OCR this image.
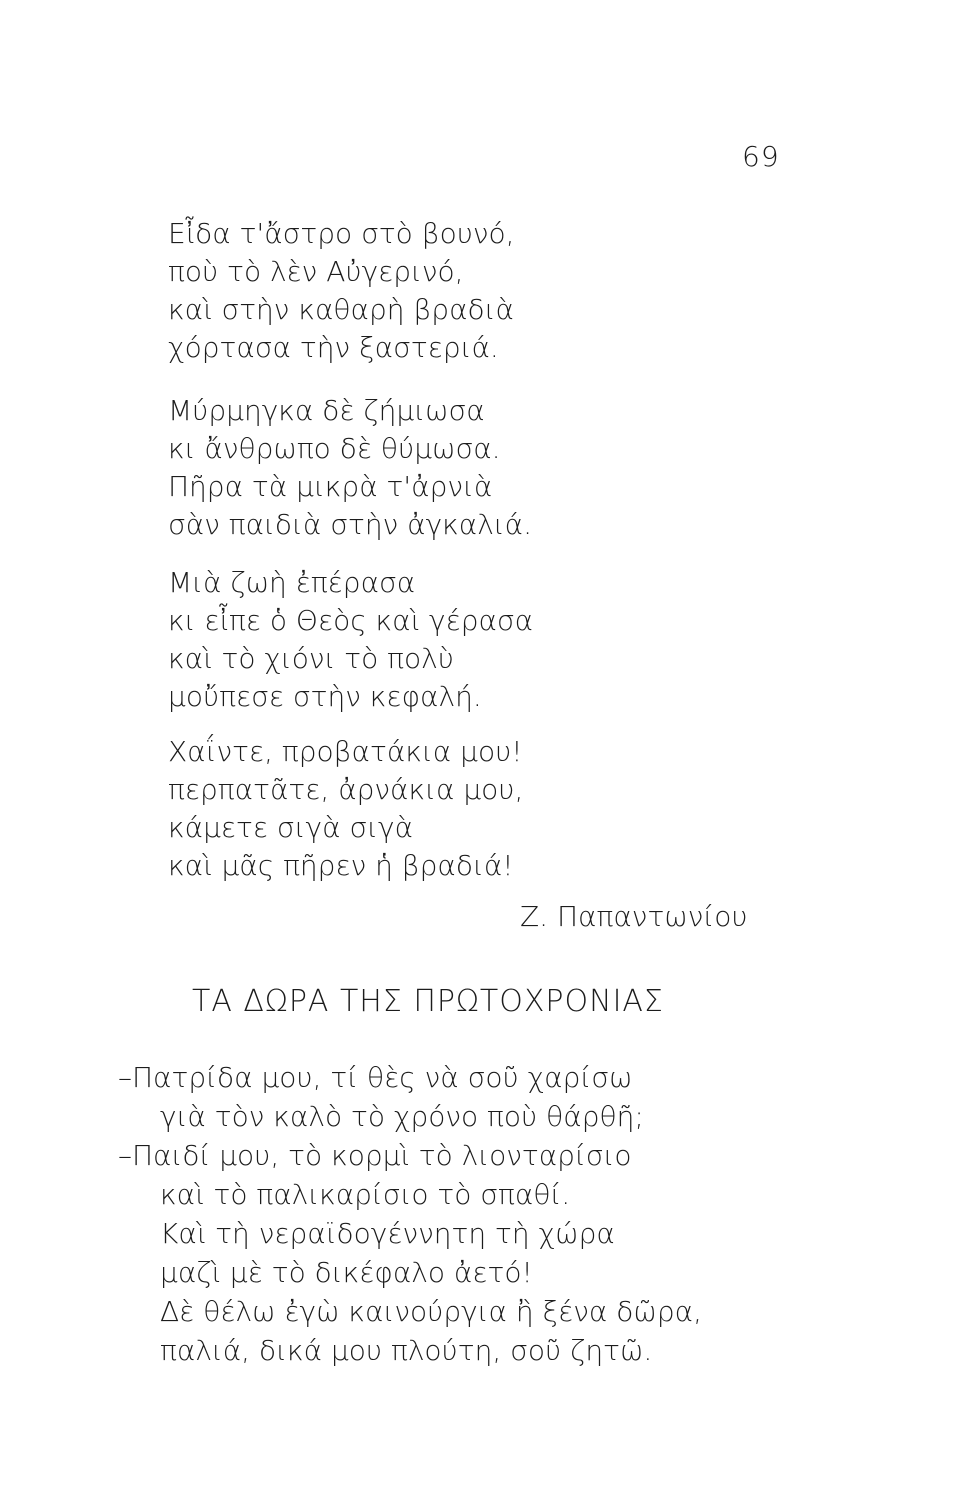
69
Εἶδα τ'ἄστρο στὸ βουνό,
ποὺ τὸ λὲν Αὐγερινό,
καὶ στὴν καθαρὴ βραδιὰ
χόρτασα τὴν ξαστεριά.
Μύρμηγκα δὲ ζήμιωσα
κι ἄνθρωπο δὲ θύμωσα.
Πῆρα τὰ μικρὰ τ'ἀρνιὰ
σὰν παιδιὰ στὴν ἀγκαλιά.
Μιὰ ζωὴ ἐπέρασα
κι εἶπε ὁ Θεὸς καὶ γέρασα
καὶ τὸ χιόνι τὸ πολὺ
μοὔπεσε στὴν κεφαλή.
Χαΐντε, προβατάκια μου!
περπατᾶτε, ἀρνάκια μου,
κάμετε σιγὰ σιγὰ
καὶ μᾶς πῆρεν ἡ βραδιά!
Ζ. Παπαντωνίου
ΤΑ ΔΩΡΑ ΤΗΣ ΠΡΩΤΟΧΡΟΝΙΑΣ
–Πατρίδα μου, τί θὲς νὰ σοῦ χαρίσω
γιὰ τὸν καλὸ τὸ χρόνο ποὺ θάρθῆ;
–Παιδί μου, τὸ κορμὶ τὸ λιονταρίσιο
καὶ τὸ παλικαρίσιο τὸ σπαθί.
Καὶ τὴ νεραϊδογέννητη τὴ χώρα
μαζὶ μὲ τὸ δικέφαλο ἀετό!
Δὲ θέλω ἐγὼ καινούργια ἢ ξένα δῶρα,
παλιά, δικά μου πλούτη, σοῦ ζητῶ.
